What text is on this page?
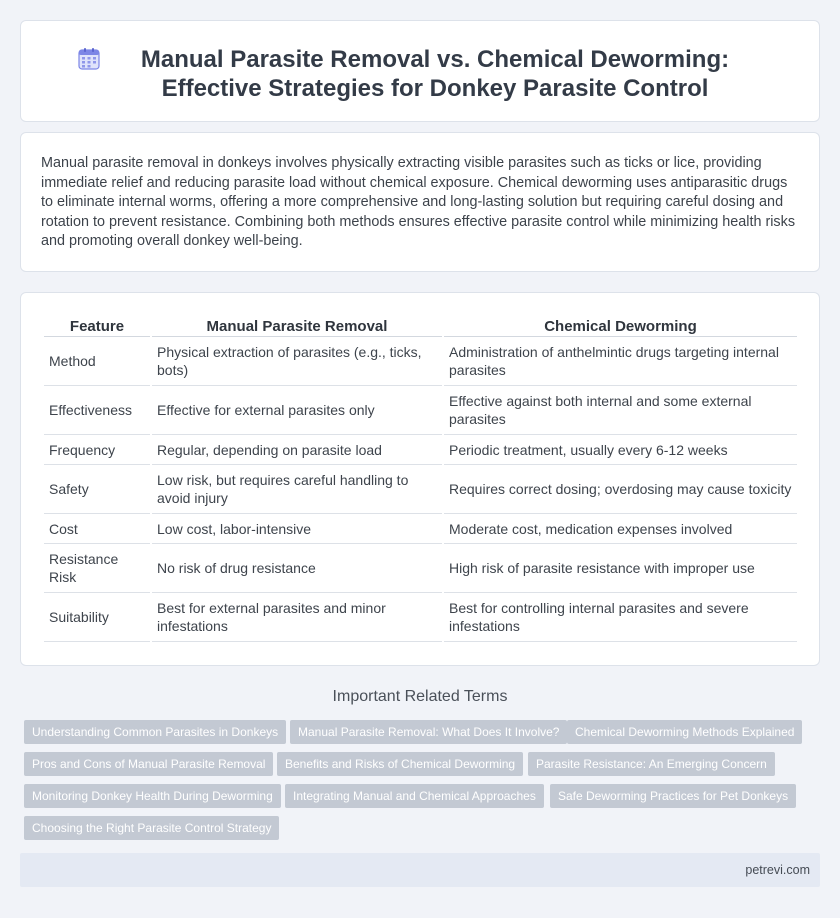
Manual Parasite Removal vs. Chemical Deworming: Effective Strategies for Donkey Parasite Control

Manual parasite removal in donkeys involves physically extracting visible parasites such as ticks or lice, providing immediate relief and reducing parasite load without chemical exposure. Chemical deworming uses antiparasitic drugs to eliminate internal worms, offering a more comprehensive and long-lasting solution but requiring careful dosing and rotation to prevent resistance. Combining both methods ensures effective parasite control while minimizing health risks and promoting overall donkey well-being.

Feature	Manual Parasite Removal	Chemical Deworming
Method	Physical extraction of parasites (e.g., ticks, bots)	Administration of anthelmintic drugs targeting internal parasites
Effectiveness	Effective for external parasites only	Effective against both internal and some external parasites
Frequency	Regular, depending on parasite load	Periodic treatment, usually every 6-12 weeks
Safety	Low risk, but requires careful handling to avoid injury	Requires correct dosing; overdosing may cause toxicity
Cost	Low cost, labor-intensive	Moderate cost, medication expenses involved
Resistance Risk	No risk of drug resistance	High risk of parasite resistance with improper use
Suitability	Best for external parasites and minor infestations	Best for controlling internal parasites and severe infestations
Important Related Terms
Understanding Common Parasites in Donkeys	Manual Parasite Removal: What Does It Involve?	Chemical Deworming Methods Explained
Pros and Cons of Manual Parasite Removal	Benefits and Risks of Chemical Deworming	Parasite Resistance: An Emerging Concern
Monitoring Donkey Health During Deworming	Integrating Manual and Chemical Approaches	Safe Deworming Practices for Pet Donkeys
Choosing the Right Parasite Control Strategy
petrevi.com
